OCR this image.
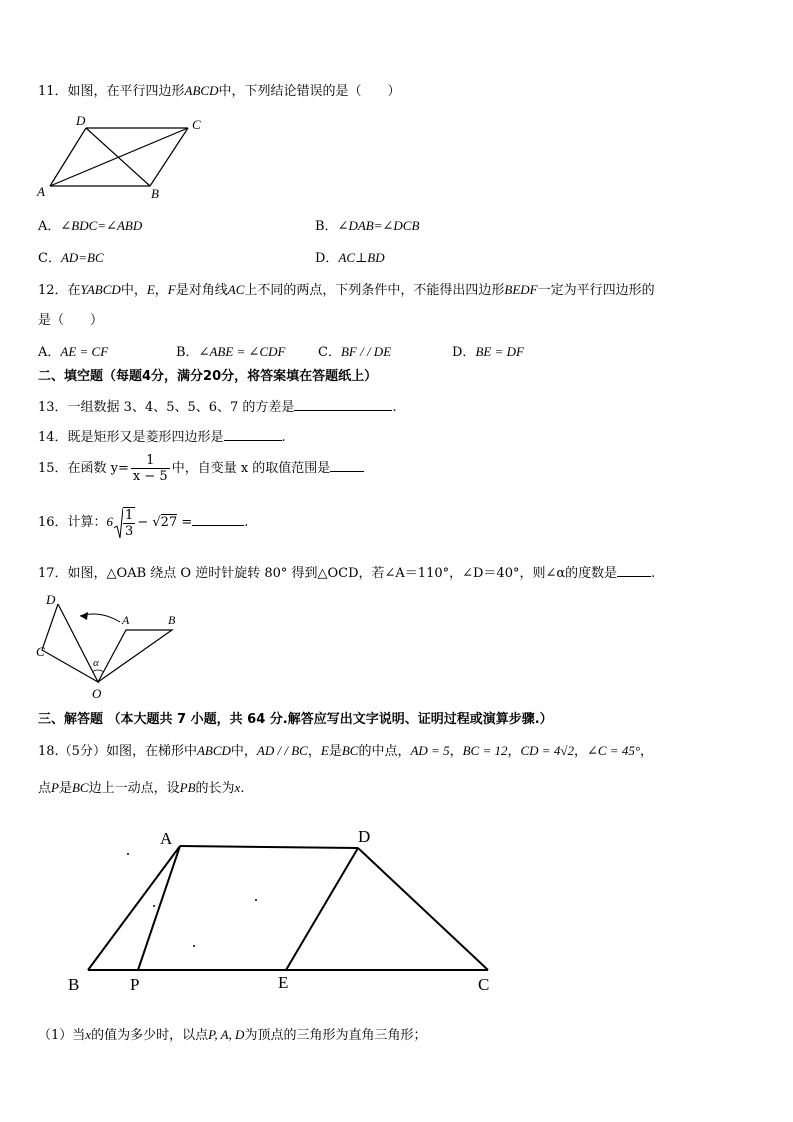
11．如图，在平行四边形ABCD中，下列结论错误的是（　　）
D	C
A	B
A．∠BDC=∠ABD	B．∠DAB=∠DCB
C．AD=BC	D．AC⊥BD
12．在YABCD中，E，F是对角线AC上不同的两点，下列条件中，不能得出四边形BEDF一定为平行四边形的
是（　　）
A．AE = CF	B．∠ABE = ∠CDF	C．BF / / DE	D．BE = DF
二、填空题（每题4分，满分20分，将答案填在答题纸上）
13．一组数据 3、4、5、5、6、7 的方差是	.
14．既是矩形又是菱形四边形是	.
15．在函数 $y= \frac{1}{x - 5}$ 中，自变量 x 的取值范围是
16．计算：$6 \frac{1}{3} - √27$ =	.
17．如图，△OAB 绕点 O 逆时针旋转 80° 得到△OCD，若∠A＝110°，∠D＝40°，则∠α的度数是	.
D
C
A	B
O
α
三、解答题 （本大题共 7 小题，共 64 分.解答应写出文字说明、证明过程或演算步骤.）
18.（5分）如图，在梯形中ABCD中，AD / / BC，E是BC的中点，AD = 5，BC = 12，CD = 4√2，∠C = 45°，
点P是BC边上一动点，设PB的长为x.
A	D
B	P	E	C
（1）当x的值为多少时，以点P, A, D为顶点的三角形为直角三角形；
